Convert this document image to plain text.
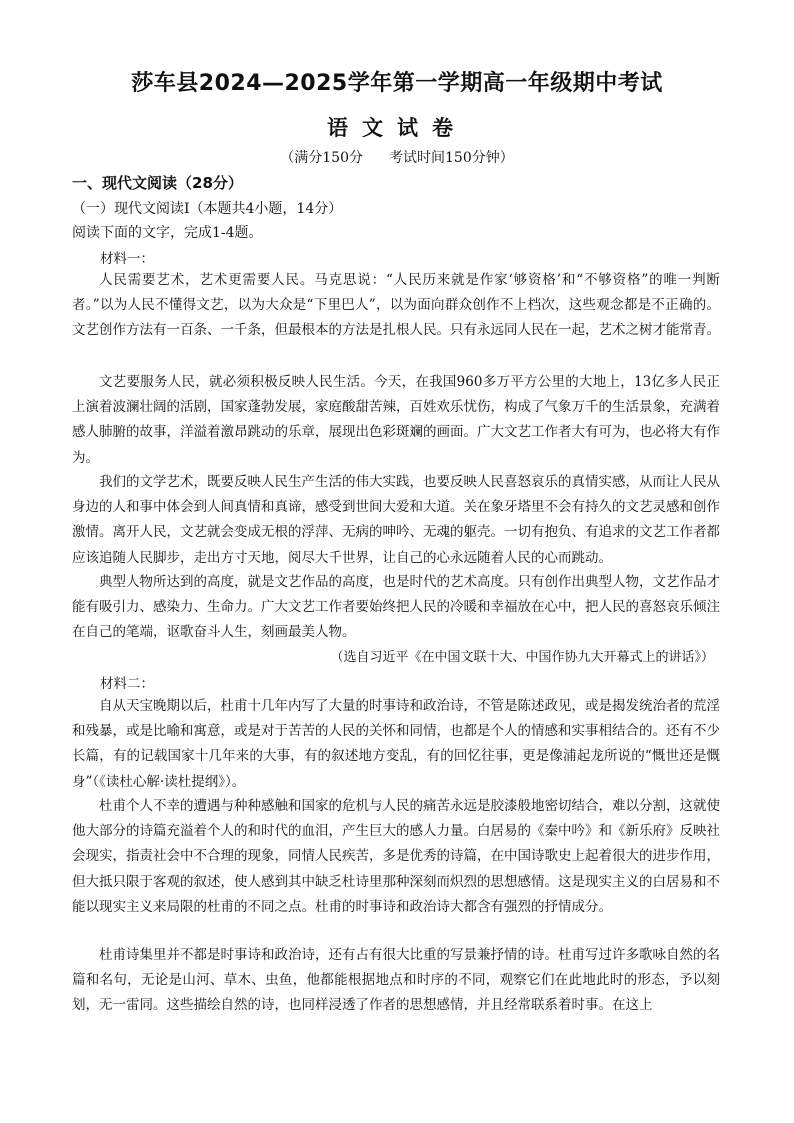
莎车县2024—2025学年第一学期高一年级期中考试
语文试卷
（满分150分 考试时间150分钟）
一、现代文阅读（28分）
（一）现代文阅读Ⅰ（本题共4小题，14分）
阅读下面的文字，完成1-4题。
材料一：
人民需要艺术，艺术更需要人民。马克思说：“人民历来就是作家‘够资格’和“不够资格”的唯一判断者。”以为人民不懂得文艺，以为大众是“下里巴人”，以为面向群众创作不上档次，这些观念都是不正确的。文艺创作方法有一百条、一千条，但最根本的方法是扎根人民。只有永远同人民在一起，艺术之树才能常青。
文艺要服务人民，就必须积极反映人民生活。今天，在我国960多万平方公里的大地上，13亿多人民正上演着波澜壮阔的活剧，国家蓬勃发展，家庭酸甜苦辣，百姓欢乐忧伤，构成了气象万千的生活景象，充满着感人肺腑的故事，洋溢着激昂跳动的乐章，展现出色彩斑斓的画面。广大文艺工作者大有可为，也必将大有作为。
我们的文学艺术，既要反映人民生产生活的伟大实践，也要反映人民喜怒哀乐的真情实感，从而让人民从身边的人和事中体会到人间真情和真谛，感受到世间大爱和大道。关在象牙塔里不会有持久的文艺灵感和创作激情。离开人民，文艺就会变成无根的浮萍、无病的呻吟、无魂的躯壳。一切有抱负、有追求的文艺工作者都应该追随人民脚步，走出方寸天地，阅尽大千世界，让自己的心永远随着人民的心而跳动。
典型人物所达到的高度，就是文艺作品的高度，也是时代的艺术高度。只有创作出典型人物，文艺作品才能有吸引力、感染力、生命力。广大文艺工作者要始终把人民的冷暖和幸福放在心中，把人民的喜怒哀乐倾注在自己的笔端，讴歌奋斗人生，刻画最美人物。
（选自习近平《在中国文联十大、中国作协九大开幕式上的讲话》）
材料二：
自从天宝晚期以后，杜甫十几年内写了大量的时事诗和政治诗，不管是陈述政见，或是揭发统治者的荒淫和残暴，或是比喻和寓意，或是对于苦苦的人民的关怀和同情，也都是个人的情感和实事相结合的。还有不少长篇，有的记载国家十几年来的大事，有的叙述地方变乱，有的回忆往事，更是像浦起龙所说的“慨世还是慨身”（《读杜心解·读杜提纲》）。
杜甫个人不幸的遭遇与种种感触和国家的危机与人民的痛苦永远是胶漆般地密切结合，难以分割，这就使他大部分的诗篇充溢着个人的和时代的血泪，产生巨大的感人力量。白居易的《秦中吟》和《新乐府》反映社会现实，指责社会中不合理的现象，同情人民疾苦，多是优秀的诗篇，在中国诗歌史上起着很大的进步作用，但大抵只限于客观的叙述，使人感到其中缺乏杜诗里那种深刻而炽烈的思想感情。这是现实主义的白居易和不能以现实主义来局限的杜甫的不同之点。杜甫的时事诗和政治诗大都含有强烈的抒情成分。
杜甫诗集里并不都是时事诗和政治诗，还有占有很大比重的写景兼抒情的诗。杜甫写过许多歌咏自然的名篇和名句，无论是山河、草木、虫鱼，他都能根据地点和时序的不同，观察它们在此地此时的形态，予以刻划，无一雷同。这些描绘自然的诗，也同样浸透了作者的思想感情，并且经常联系着时事。在这上
